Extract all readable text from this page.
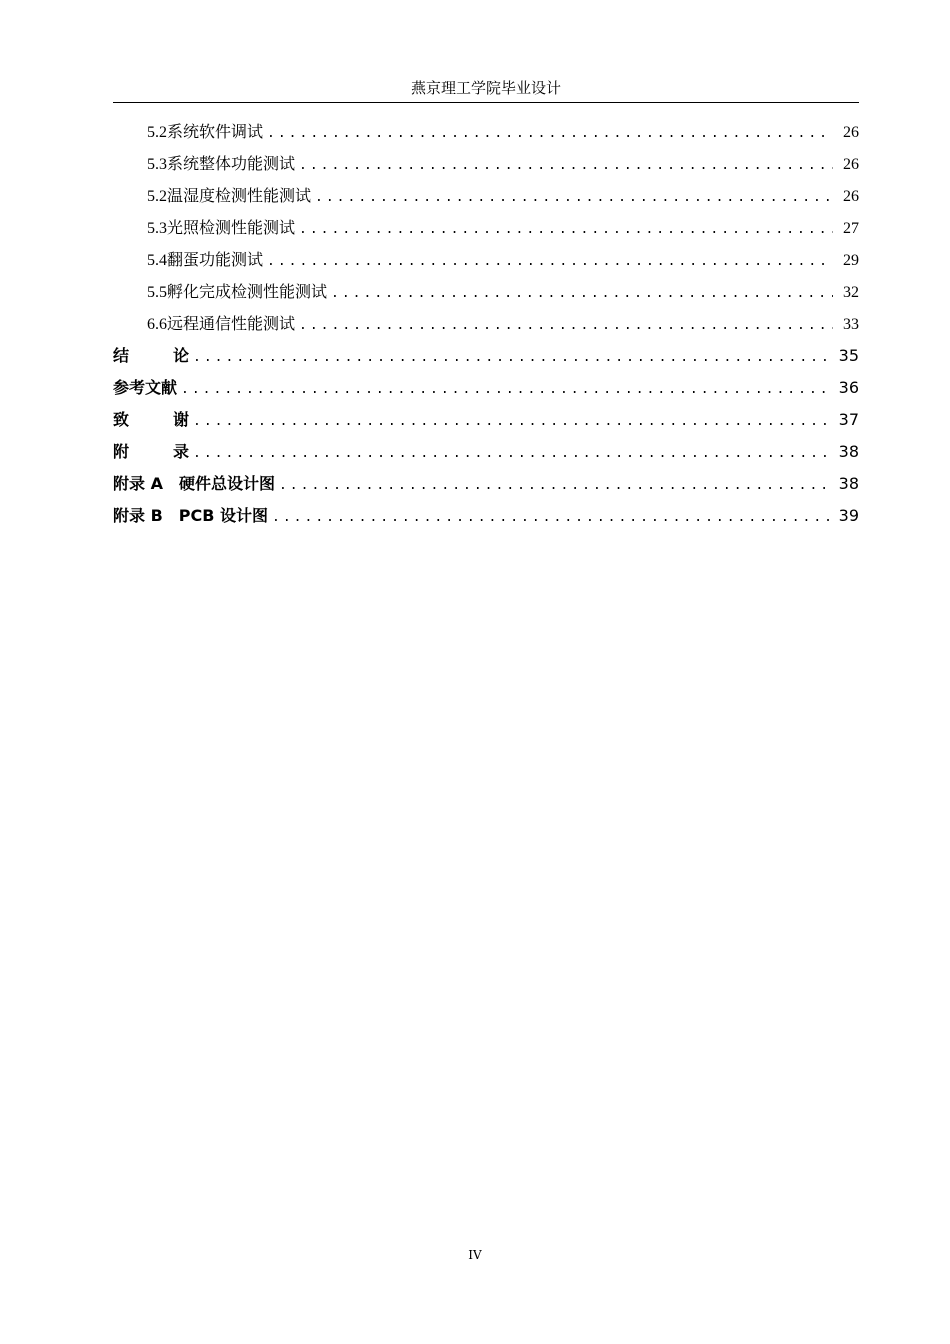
燕京理工学院毕业设计
5.2 系统软件调试 .....	26
5.3 系统整体功能测试 .....	26
5.2 温湿度检测性能测试 .....	26
5.3 光照检测性能测试 .....	27
5.4 翻蛋功能测试 .....	29
5.5 孵化完成检测性能测试 .....	32
6.6 远程通信性能测试 .....	33
结	论 .....	35
参考文献 .....	36
致	谢 .....	37
附	录 .....	38
附录 A　硬件总设计图 .....	38
附录 B　PCB 设计图 .....	39
IV
